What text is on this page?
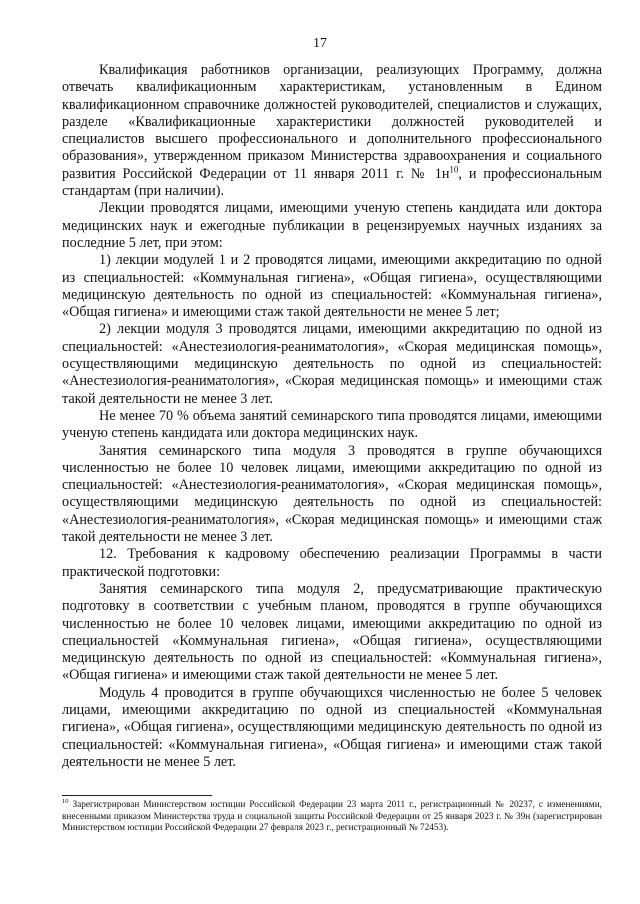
17

Квалификация работников организации, реализующих Программу, должна отвечать квалификационным характеристикам, установленным в Едином квалификационном справочнике должностей руководителей, специалистов и служащих, разделе «Квалификационные характеристики должностей руководителей и специалистов высшего профессионального и дополнительного профессионального образования», утвержденном приказом Министерства здравоохранения и социального развития Российской Федерации от 11 января 2011 г. № $1н^{10}$, и профессиональным стандартам (при наличии).

Лекции проводятся лицами, имеющими ученую степень кандидата или доктора медицинских наук и ежегодные публикации в рецензируемых научных изданиях за последние 5 лет, при этом:

1) лекции модулей 1 и 2 проводятся лицами, имеющими аккредитацию по одной из специальностей: «Коммунальная гигиена», «Общая гигиена», осуществляющими медицинскую деятельность по одной из специальностей: «Коммунальная гигиена», «Общая гигиена» и имеющими стаж такой деятельности не менее 5 лет;

2) лекции модуля 3 проводятся лицами, имеющими аккредитацию по одной из специальностей: «Анестезиология-реаниматология», «Скорая медицинская помощь», осуществляющими медицинскую деятельность по одной из специальностей: «Анестезиология-реаниматология», «Скорая медицинская помощь» и имеющими стаж такой деятельности не менее 3 лет.

Не менее 70 % объема занятий семинарского типа проводятся лицами, имеющими ученую степень кандидата или доктора медицинских наук.

Занятия семинарского типа модуля 3 проводятся в группе обучающихся численностью не более 10 человек лицами, имеющими аккредитацию по одной из специальностей: «Анестезиология-реаниматология», «Скорая медицинская помощь», осуществляющими медицинскую деятельность по одной из специальностей: «Анестезиология-реаниматология», «Скорая медицинская помощь» и имеющими стаж такой деятельности не менее 3 лет.

12. Требования к кадровому обеспечению реализации Программы в части практической подготовки:

Занятия семинарского типа модуля 2, предусматривающие практическую подготовку в соответствии с учебным планом, проводятся в группе обучающихся численностью не более 10 человек лицами, имеющими аккредитацию по одной из специальностей «Коммунальная гигиена», «Общая гигиена», осуществляющими медицинскую деятельность по одной из специальностей: «Коммунальная гигиена», «Общая гигиена» и имеющими стаж такой деятельности не менее 5 лет.

Модуль 4 проводится в группе обучающихся численностью не более 5 человек лицами, имеющими аккредитацию по одной из специальностей «Коммунальная гигиена», «Общая гигиена», осуществляющими медицинскую деятельность по одной из специальностей: «Коммунальная гигиена», «Общая гигиена» и имеющими стаж такой деятельности не менее 5 лет.

$^{10}$ Зарегистрирован Министерством юстиции Российской Федерации 23 марта 2011 г., регистрационный № 20237, с изменениями, внесенными приказом Министерства труда и социальной защиты Российской Федерации от 25 января 2023 г. № 39н (зарегистрирован Министерством юстиции Российской Федерации 27 февраля 2023 г., регистрационный № 72453).
